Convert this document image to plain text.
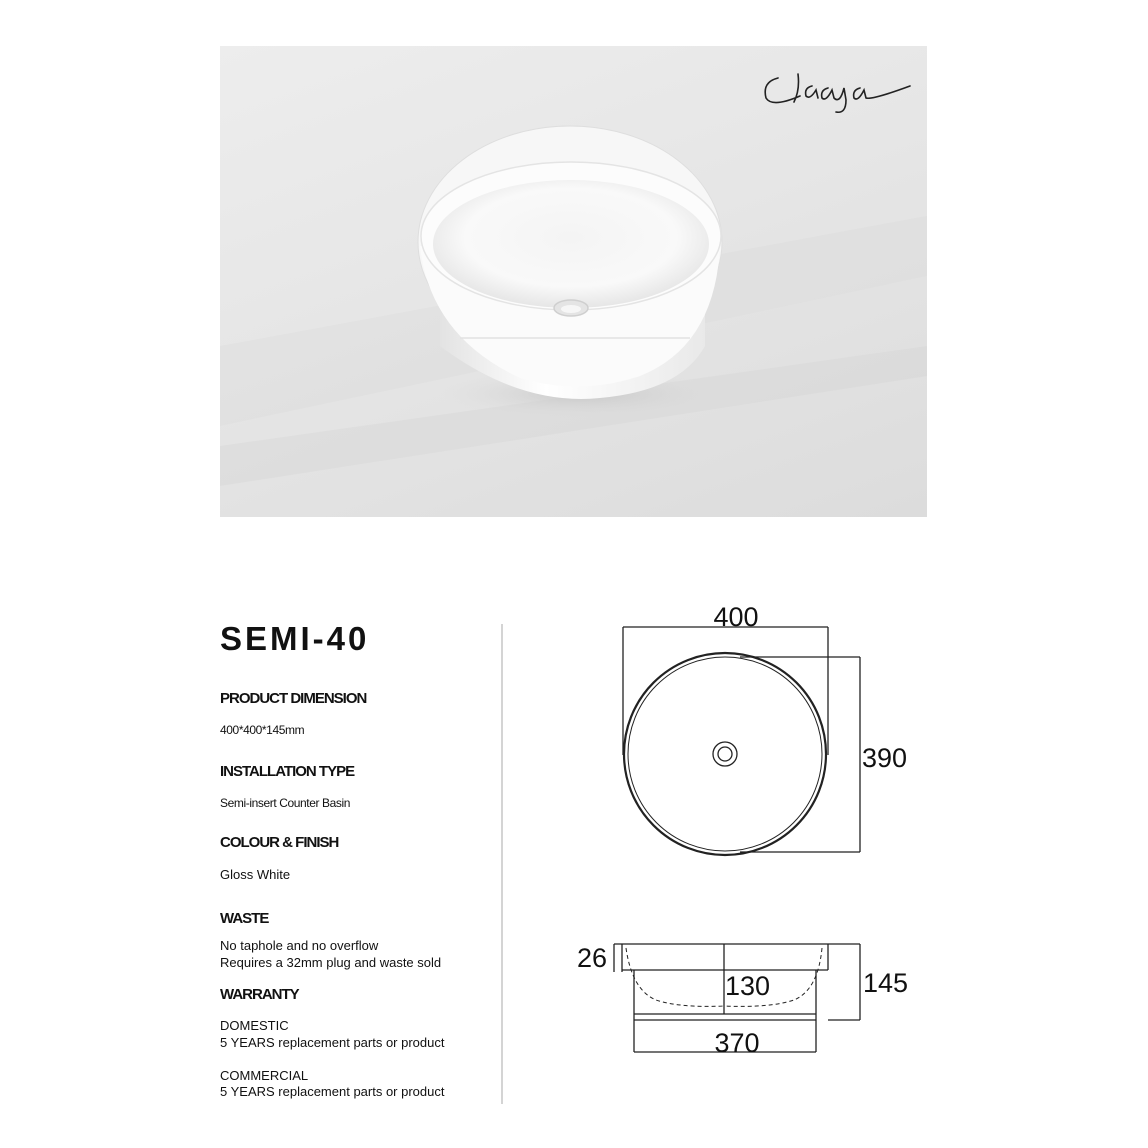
SEMI-40
PRODUCT DIMENSION
400*400*145mm
INSTALLATION TYPE
Semi-insert Counter Basin
COLOUR & FINISH
Gloss White
WASTE
No taphole and no overflow
Requires a 32mm plug and waste sold
WARRANTY
DOMESTIC
5 YEARS replacement parts or product
COMMERCIAL
5 YEARS replacement parts or product
400
390
26
145
130
370
